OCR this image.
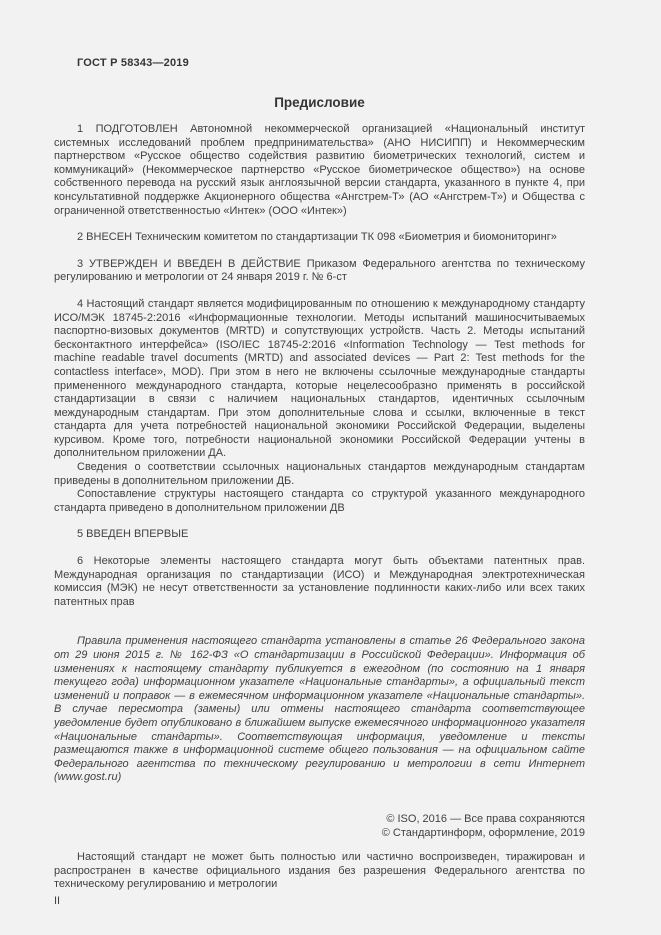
ГОСТ Р 58343—2019
Предисловие

1 ПОДГОТОВЛЕН Автономной некоммерческой организацией «Национальный институт системных исследований проблем предпринимательства» (АНО НИСИПП) и Некоммерческим партнерством «Русское общество содействия развитию биометрических технологий, систем и коммуникаций» (Некоммерческое партнерство «Русское биометрическое общество») на основе собственного перевода на русский язык англоязычной версии стандарта, указанного в пункте 4, при консультативной поддержке Акционерного общества «Ангстрем-Т» (АО «Ангстрем-Т») и Общества с ограниченной ответственностью «Интек» (ООО «Интек»)

2 ВНЕСЕН Техническим комитетом по стандартизации ТК 098 «Биометрия и биомониторинг»

3 УТВЕРЖДЕН И ВВЕДЕН В ДЕЙСТВИЕ Приказом Федерального агентства по техническому регулированию и метрологии от 24 января 2019 г. № 6-ст

4 Настоящий стандарт является модифицированным по отношению к международному стандарту ИСО/МЭК 18745-2:2016 «Информационные технологии. Методы испытаний машиносчитываемых паспортно-визовых документов (MRTD) и сопутствующих устройств. Часть 2. Методы испытаний бесконтактного интерфейса» (ISO/IEC 18745-2:2016 «Information Technology — Test methods for machine readable travel documents (MRTD) and associated devices — Part 2: Test methods for the contactless interface», MOD). При этом в него не включены ссылочные международные стандарты примененного международного стандарта, которые нецелесообразно применять в российской стандартизации в связи с наличием национальных стандартов, идентичных ссылочным международным стандартам. При этом дополнительные слова и ссылки, включенные в текст стандарта для учета потребностей национальной экономики Российской Федерации, выделены курсивом. Кроме того, потребности национальной экономики Российской Федерации учтены в дополнительном приложении ДА.

Сведения о соответствии ссылочных национальных стандартов международным стандартам приведены в дополнительном приложении ДБ.

Сопоставление структуры настоящего стандарта со структурой указанного международного стандарта приведено в дополнительном приложении ДВ

5 ВВЕДЕН ВПЕРВЫЕ

6 Некоторые элементы настоящего стандарта могут быть объектами патентных прав. Международная организация по стандартизации (ИСО) и Международная электротехническая комиссия (МЭК) не несут ответственности за установление подлинности каких-либо или всех таких патентных прав

Правила применения настоящего стандарта установлены в статье 26 Федерального закона от 29 июня 2015 г. № 162-ФЗ «О стандартизации в Российской Федерации». Информация об изменениях к настоящему стандарту публикуется в ежегодном (по состоянию на 1 января текущего года) информационном указателе «Национальные стандарты», а официальный текст изменений и поправок — в ежемесячном информационном указателе «Национальные стандарты». В случае пересмотра (замены) или отмены настоящего стандарта соответствующее уведомление будет опубликовано в ближайшем выпуске ежемесячного информационного указателя «Национальные стандарты». Соответствующая информация, уведомление и тексты размещаются также в информационной системе общего пользования — на официальном сайте Федерального агентства по техническому регулированию и метрологии в сети Интернет (www.gost.ru)

© ISO, 2016 — Все права сохраняются
© Стандартинформ, оформление, 2019

Настоящий стандарт не может быть полностью или частично воспроизведен, тиражирован и распространен в качестве официального издания без разрешения Федерального агентства по техническому регулированию и метрологии

II
